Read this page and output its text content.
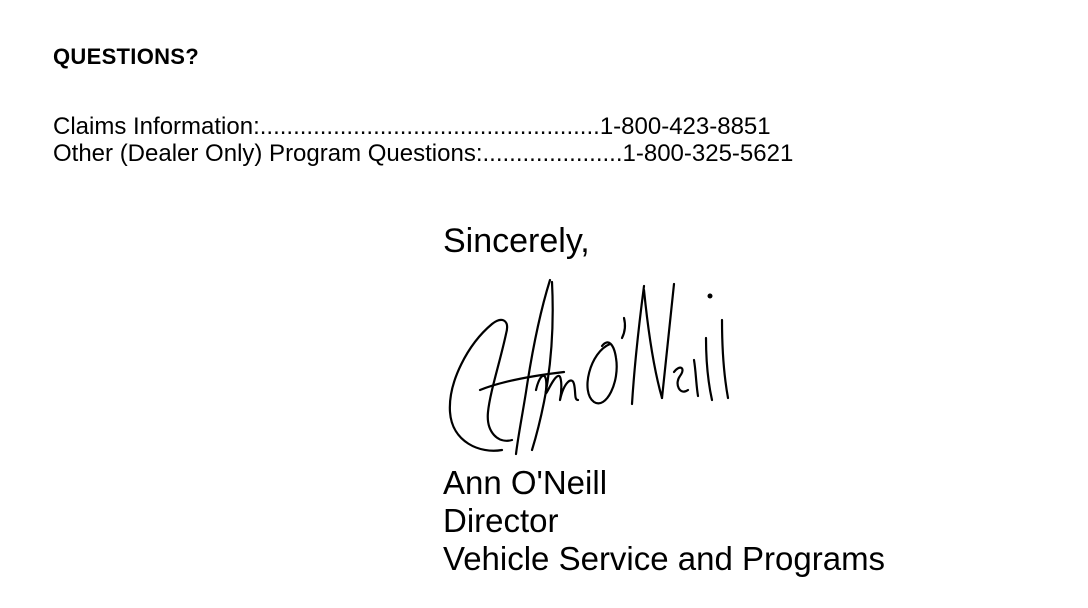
QUESTIONS?
Claims Information:...................................................1-800-423-8851
Other (Dealer Only) Program Questions:.....................1-800-325-5621
Sincerely,
Ann O'Neill
Director
Vehicle Service and Programs
